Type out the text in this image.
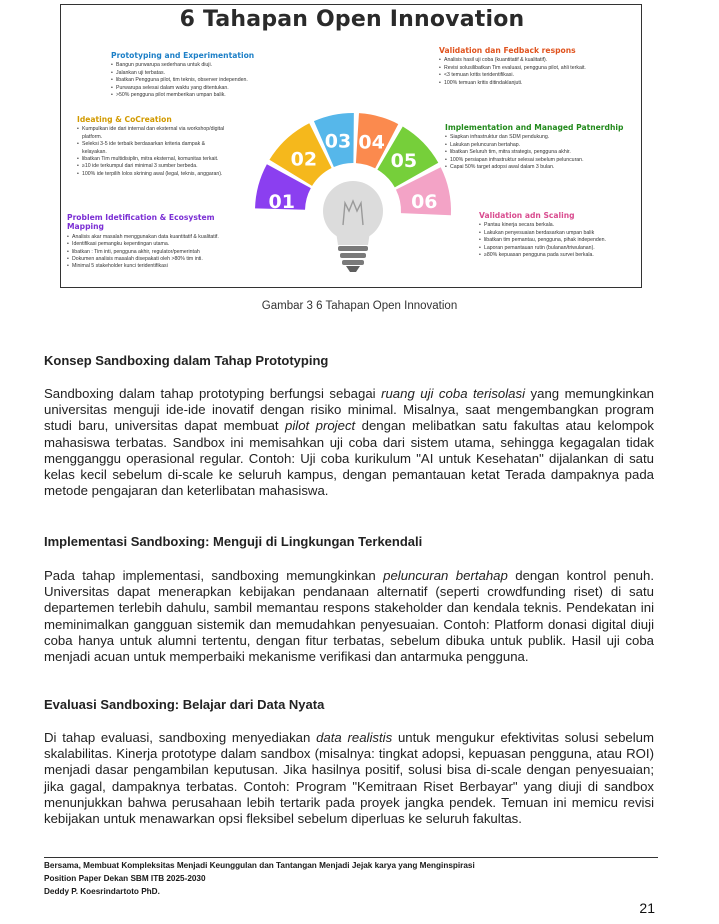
6 Tahapan Open Innovation
Prototyping and Experimentation
• Bangun purwarupa sederhana untuk diuji.
• Jalankan uji terbatas.
• libatkan Pengguna pilot, tim teknis, observer independen.
• Purwarupa selesai dalam waktu yang ditentukan.
• >50% pengguna pilot memberikan umpan balik.
Ideating & CoCreation
• Kumpulkan ide dari internal dan eksternal via workshop/digital platform.
• Seleksi 3-5 ide terbaik berdasarkan kriteria dampak & kelayakan.
• libatkan Tim multidisiplin, mitra eksternal, komunitas terkait.
• ≥10 ide terkumpul dari minimal 3 sumber berbeda.
• 100% ide terpilih lolos skrining awal (legal, teknis, anggaran).
Problem Idetification & Ecosystem Mapping
• Analisis akar masalah menggunakan data kuantitatif & kualitatif.
• Identifikasi pemangku kepentingan utama.
• libatkan : Tim inti, pengguna akhir, regulator/pemerintah
• Dokumen analisis masalah disepakati oleh >80% tim inti.
• Minimal 5 stakeholder kunci teridentifikasi
Validation dan Fedback respons
• Analisis hasil uji coba (kuantitatif & kualitatif).
• Revisi solusilibatkan Tim evaluasi, pengguna pilot, ahli terkait.
• <3 temuan kritis teridentifikasi.
• 100% temuan kritis ditindaklanjuti.
Implementation and Managed Patnerdhip
• Siapkan infrastruktur dan SDM pendukung.
• Lakukan peluncuran bertahap.
• libatkan Seluruh tim, mitra strategis, pengguna akhir.
• 100% persiapan infrastruktur selesai sebelum peluncuran.
• Capai 50% target adopsi awal dalam 3 bulan.
Validation adn Scaling
• Pantau kinerja secara berkala.
• Lakukan penyesuaian berdasarkan umpan balik
• libatkan tim pemantau, pengguna, pihak independen.
• Laporan pemantauan rutin (bulanan/triwulanan).
• ≥80% kepuasan pengguna pada survei berkala.
01
02
03 04
05
06
Gambar 3 6 Tahapan Open Innovation
Konsep Sandboxing dalam Tahap Prototyping
Sandboxing dalam tahap prototyping berfungsi sebagai ruang uji coba terisolasi yang memungkinkan universitas menguji ide-ide inovatif dengan risiko minimal. Misalnya, saat mengembangkan program studi baru, universitas dapat membuat pilot project dengan melibatkan satu fakultas atau kelompok mahasiswa terbatas. Sandbox ini memisahkan uji coba dari sistem utama, sehingga kegagalan tidak mengganggu operasional regular. Contoh: Uji coba kurikulum "AI untuk Kesehatan" dijalankan di satu kelas kecil sebelum di-scale ke seluruh kampus, dengan pemantauan ketat Terada dampaknya pada metode pengajaran dan keterlibatan mahasiswa.
Implementasi Sandboxing: Menguji di Lingkungan Terkendali
Pada tahap implementasi, sandboxing memungkinkan peluncuran bertahap dengan kontrol penuh. Universitas dapat menerapkan kebijakan pendanaan alternatif (seperti crowdfunding riset) di satu departemen terlebih dahulu, sambil memantau respons stakeholder dan kendala teknis. Pendekatan ini meminimalkan gangguan sistemik dan memudahkan penyesuaian. Contoh: Platform donasi digital diuji coba hanya untuk alumni tertentu, dengan fitur terbatas, sebelum dibuka untuk publik. Hasil uji coba menjadi acuan untuk memperbaiki mekanisme verifikasi dan antarmuka pengguna.
Evaluasi Sandboxing: Belajar dari Data Nyata
Di tahap evaluasi, sandboxing menyediakan data realistis untuk mengukur efektivitas solusi sebelum skalabilitas. Kinerja prototype dalam sandbox (misalnya: tingkat adopsi, kepuasan pengguna, atau ROI) menjadi dasar pengambilan keputusan. Jika hasilnya positif, solusi bisa di-scale dengan penyesuaian; jika gagal, dampaknya terbatas. Contoh: Program "Kemitraan Riset Berbayar" yang diuji di sandbox menunjukkan bahwa perusahaan lebih tertarik pada proyek jangka pendek. Temuan ini memicu revisi kebijakan untuk menawarkan opsi fleksibel sebelum diperluas ke seluruh fakultas.
Bersama, Membuat Kompleksitas Menjadi Keunggulan dan Tantangan Menjadi Jejak karya yang Menginspirasi
Position Paper Dekan SBM ITB 2025-2030
Deddy P. Koesrindartoto PhD.
21
